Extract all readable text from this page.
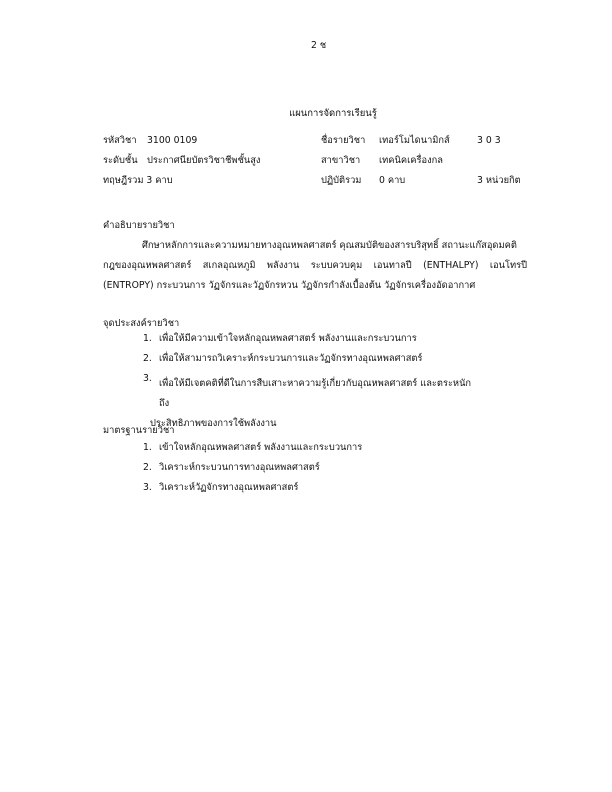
2 ช
แผนการจัดการเรียนรู้
รหัสวิชา 3100 0109	ชื่อรายวิชา เทอร์โมไดนามิกส์	3 0 3
ระดับชั้น ประกาศนียบัตรวิชาชีพชั้นสูง	สาขาวิชา เทคนิคเครื่องกล
ทฤษฎีรวม 3 คาบ	ปฏิบัติรวม 0 คาบ	3 หน่วยกิต
คำอธิบายรายวิชา
ศึกษาหลักการและความหมายทางอุณหพลศาสตร์ คุณสมบัติของสารบริสุทธิ์ สถานะแก๊สอุดมคติ
กฎของอุณหพลศาสตร์ สเกลอุณหภูมิ พลังงาน ระบบควบคุม เอนทาลปี (ENTHALPY) เอนโทรปี
(ENTROPY) กระบวนการ วัฏจักรและวัฏจักรหวน วัฏจักรกำลังเบื้องต้น วัฏจักรเครื่องอัดอากาศ
จุดประสงค์รายวิชา
1. เพื่อให้มีความเข้าใจหลักอุณหพลศาสตร์ พลังงานและกระบวนการ
2. เพื่อให้สามารถวิเคราะห์กระบวนการและวัฏจักรทางอุณหพลศาสตร์
3. เพื่อให้มีเจตคติที่ดีในการสืบเสาะหาความรู้เกี่ยวกับอุณหพลศาสตร์ และตระหนักถึง
ประสิทธิภาพของการใช้พลังงาน
มาตรฐานรายวิชา
1. เข้าใจหลักอุณหพลศาสตร์ พลังงานและกระบวนการ
2. วิเคราะห์กระบวนการทางอุณหพลศาสตร์
3. วิเคราะห์วัฏจักรทางอุณหพลศาสตร์
